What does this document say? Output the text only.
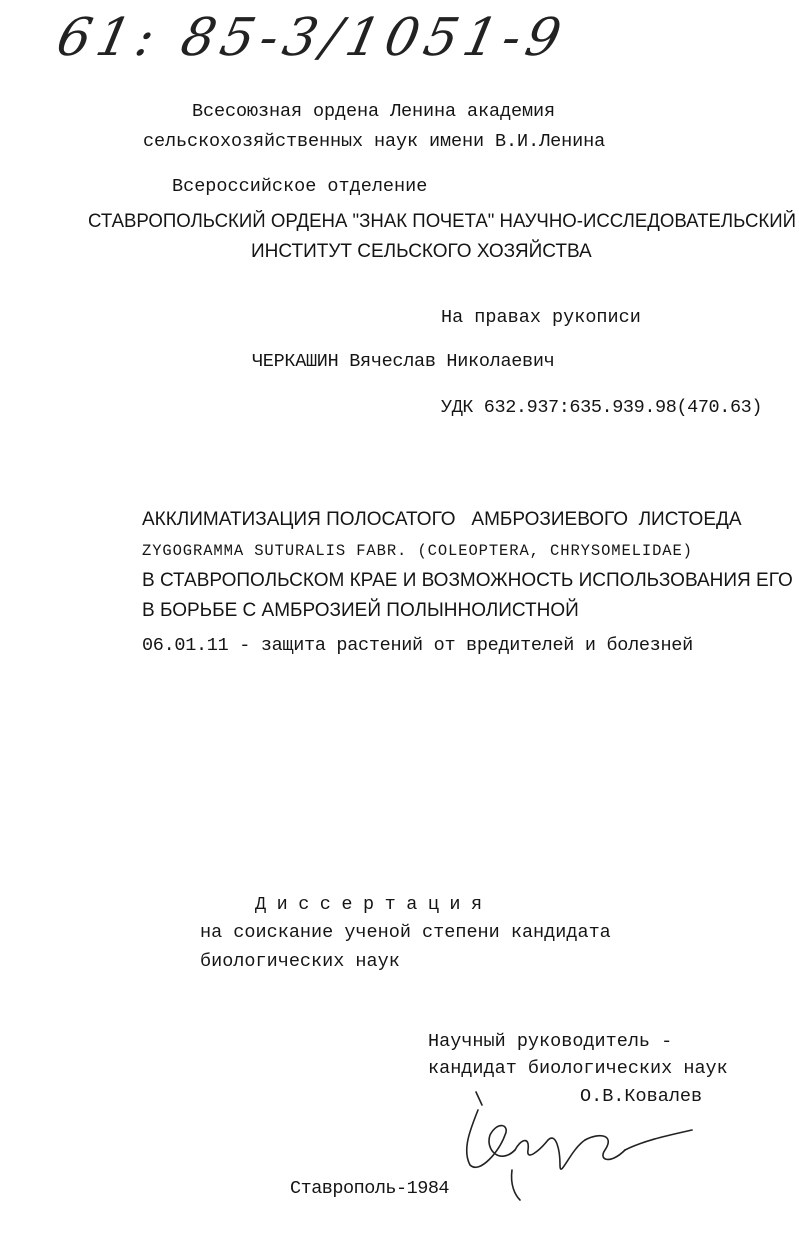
61: 85-3/1051-9
Всесоюзная ордена Ленина академия
сельскохозяйственных наук имени В.И.Ленина
Всероссийское отделение
СТАВРОПОЛЬСКИЙ ОРДЕНА "ЗНАК ПОЧЕТА" НАУЧНО-ИССЛЕДОВАТЕЛЬСКИЙ
ИНСТИТУТ СЕЛЬСКОГО ХОЗЯЙСТВА
На правах рукописи
ЧЕРКАШИН Вячеслав Николаевич
УДК 632.937:635.939.98(470.63)
АККЛИМАТИЗАЦИЯ ПОЛОСАТОГО   АМБРОЗИЕВОГО  ЛИСТОЕДА
ZYGOGRAMMA SUTURALIS FABR. (COLEOPTERA, CHRYSOMELIDAE)
В СТАВРОПОЛЬСКОМ КРАЕ И ВОЗМОЖНОСТЬ ИСПОЛЬЗОВАНИЯ ЕГО
В БОРЬБЕ С АМБРОЗИЕЙ ПОЛЫННОЛИСТНОЙ
06.01.11 - защита растений от вредителей и болезней
Диссертация
на соискание ученой степени кандидата
биологических наук
Научный руководитель -
кандидат биологических наук
О.В.Ковалев
Ставрополь-1984
